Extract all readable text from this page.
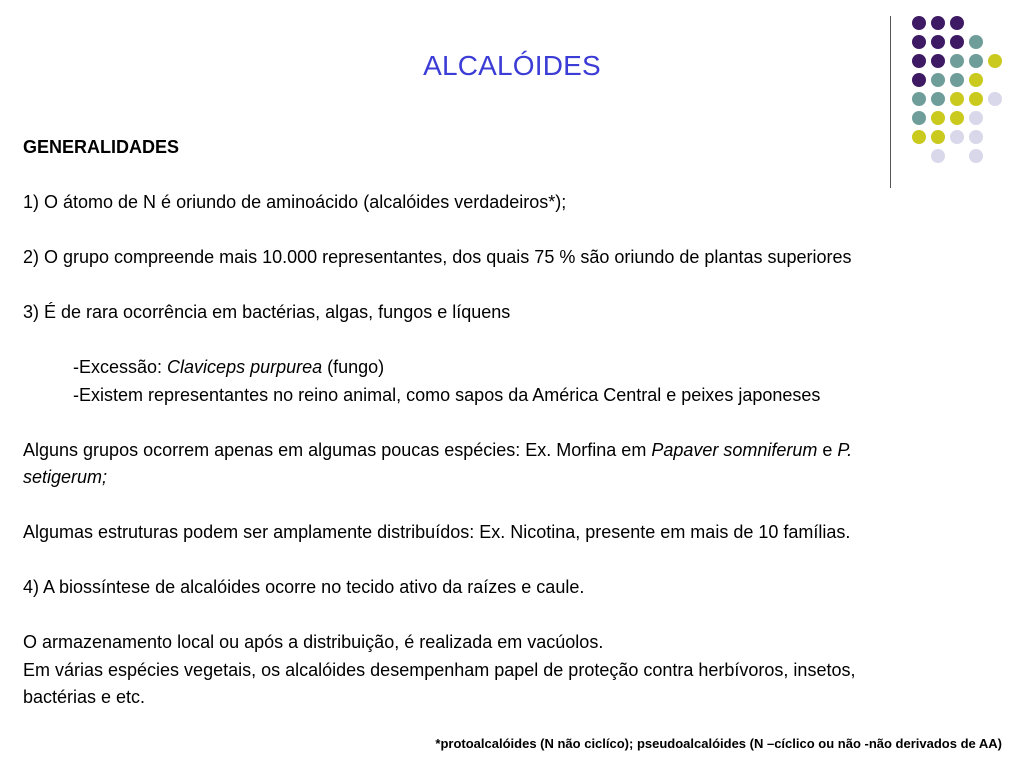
ALCALÓIDES
GENERALIDADES
1) O átomo de N é oriundo de aminoácido (alcalóides verdadeiros*);
2) O grupo compreende mais 10.000 representantes, dos quais 75 % são oriundo de plantas superiores
3) É de rara ocorrência em bactérias, algas, fungos e líquens
-Excessão: Claviceps purpurea (fungo)
-Existem representantes no reino animal, como sapos da América Central e peixes japoneses
Alguns grupos ocorrem apenas em algumas poucas espécies: Ex. Morfina em Papaver somniferum e P.
setigerum;
Algumas estruturas podem ser amplamente distribuídos: Ex. Nicotina, presente em mais de 10 famílias.
4) A biossíntese de alcalóides ocorre no tecido ativo da raízes e caule.
O armazenamento local ou após a distribuição, é realizada em vacúolos.
Em várias espécies vegetais, os alcalóides desempenham papel de proteção contra herbívoros, insetos,
bactérias e etc.
*protoalcalóides (N não ciclíco); pseudoalcalóides (N –cíclico ou não -não derivados de AA)
